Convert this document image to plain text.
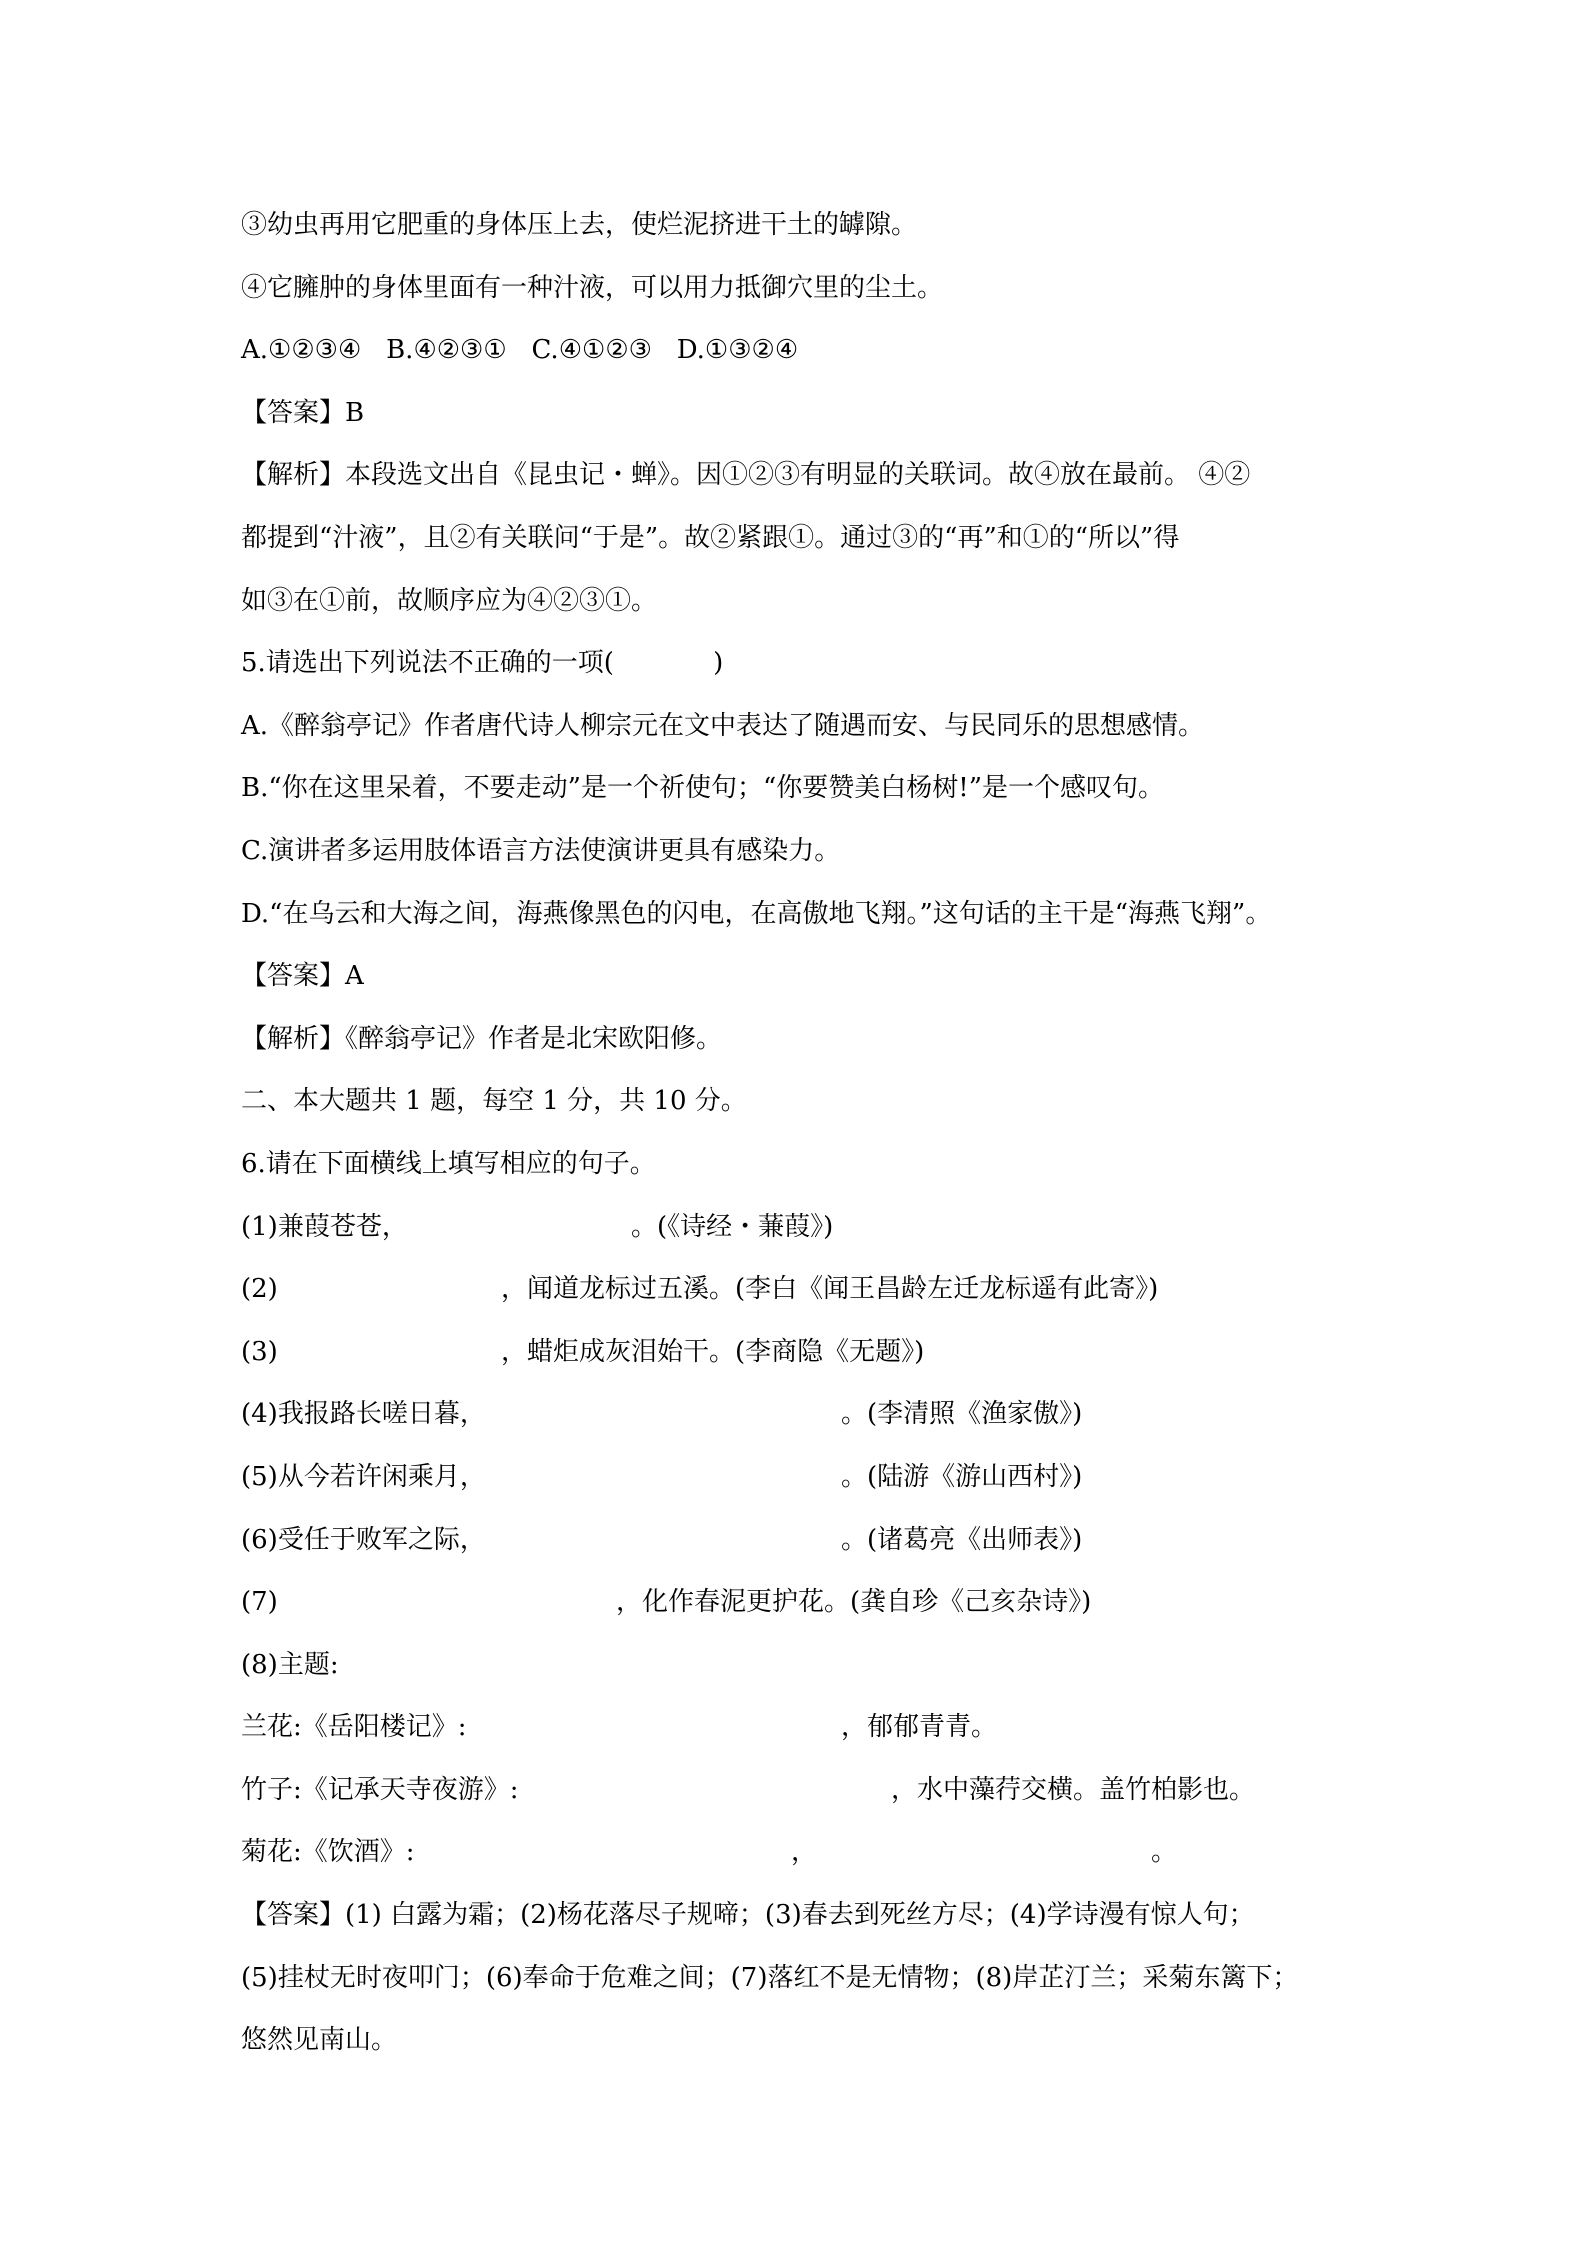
③幼虫再用它肥重的身体压上去，使烂泥挤进干土的罅隙。
④它臃肿的身体里面有一种汁液，可以用力抵御穴里的尘土。
A.①②③④   B.④②③①   C.④①②③   D.①③②④
【答案】B
【解析】本段选文出自《昆虫记・蝉》。因①②③有明显的关联词。故④放在最前。 ④②
都提到“汁液”，且②有关联问“于是”。故②紧跟①。通过③的“再”和①的“所以”得
如③在①前，故顺序应为④②③①。
5.请选出下列说法不正确的一项(            )
A.《醉翁亭记》作者唐代诗人柳宗元在文中表达了随遇而安、与民同乐的思想感情。
B.“你在这里呆着，不要走动”是一个祈使句；“你要赞美白杨树!”是一个感叹句。
C.演讲者多运用肢体语言方法使演讲更具有感染力。
D.“在乌云和大海之间，海燕像黑色的闪电，在高傲地飞翔。”这句话的主干是“海燕飞翔”。
【答案】A
【解析】《醉翁亭记》作者是北宋欧阳修。
二、本大题共 1 题，每空 1 分，共 10 分。
6.请在下面横线上填写相应的句子。

(1)兼葭苍苍，

	。(《诗经・蒹葭》)

(2)

	，闻道龙标过五溪。(李白《闻王昌龄左迁龙标遥有此寄》)

(3)

	，蜡炬成灰泪始干。(李商隐《无题》)

(4)我报路长嗟日暮，

	。(李清照《渔家傲》)

(5)从今若许闲乘月，

	。(陆游《游山西村》)

(6)受任于败军之际，

	。(诸葛亮《出师表》)

(7)

	，化作春泥更护花。(龚自珍《己亥杂诗》)

(8)主题:

兰花:《岳阳楼记》:

	，郁郁青青。

竹子:《记承天寺夜游》:

	，水中藻荇交横。盖竹柏影也。

菊花:《饮酒》:

	，

	。

【答案】(1) 白露为霜；(2)杨花落尽子规啼；(3)春去到死丝方尽；(4)学诗漫有惊人句；
(5)挂杖无时夜叩门；(6)奉命于危难之间；(7)落红不是无情物；(8)岸芷汀兰；采菊东篱下；
悠然见南山。
